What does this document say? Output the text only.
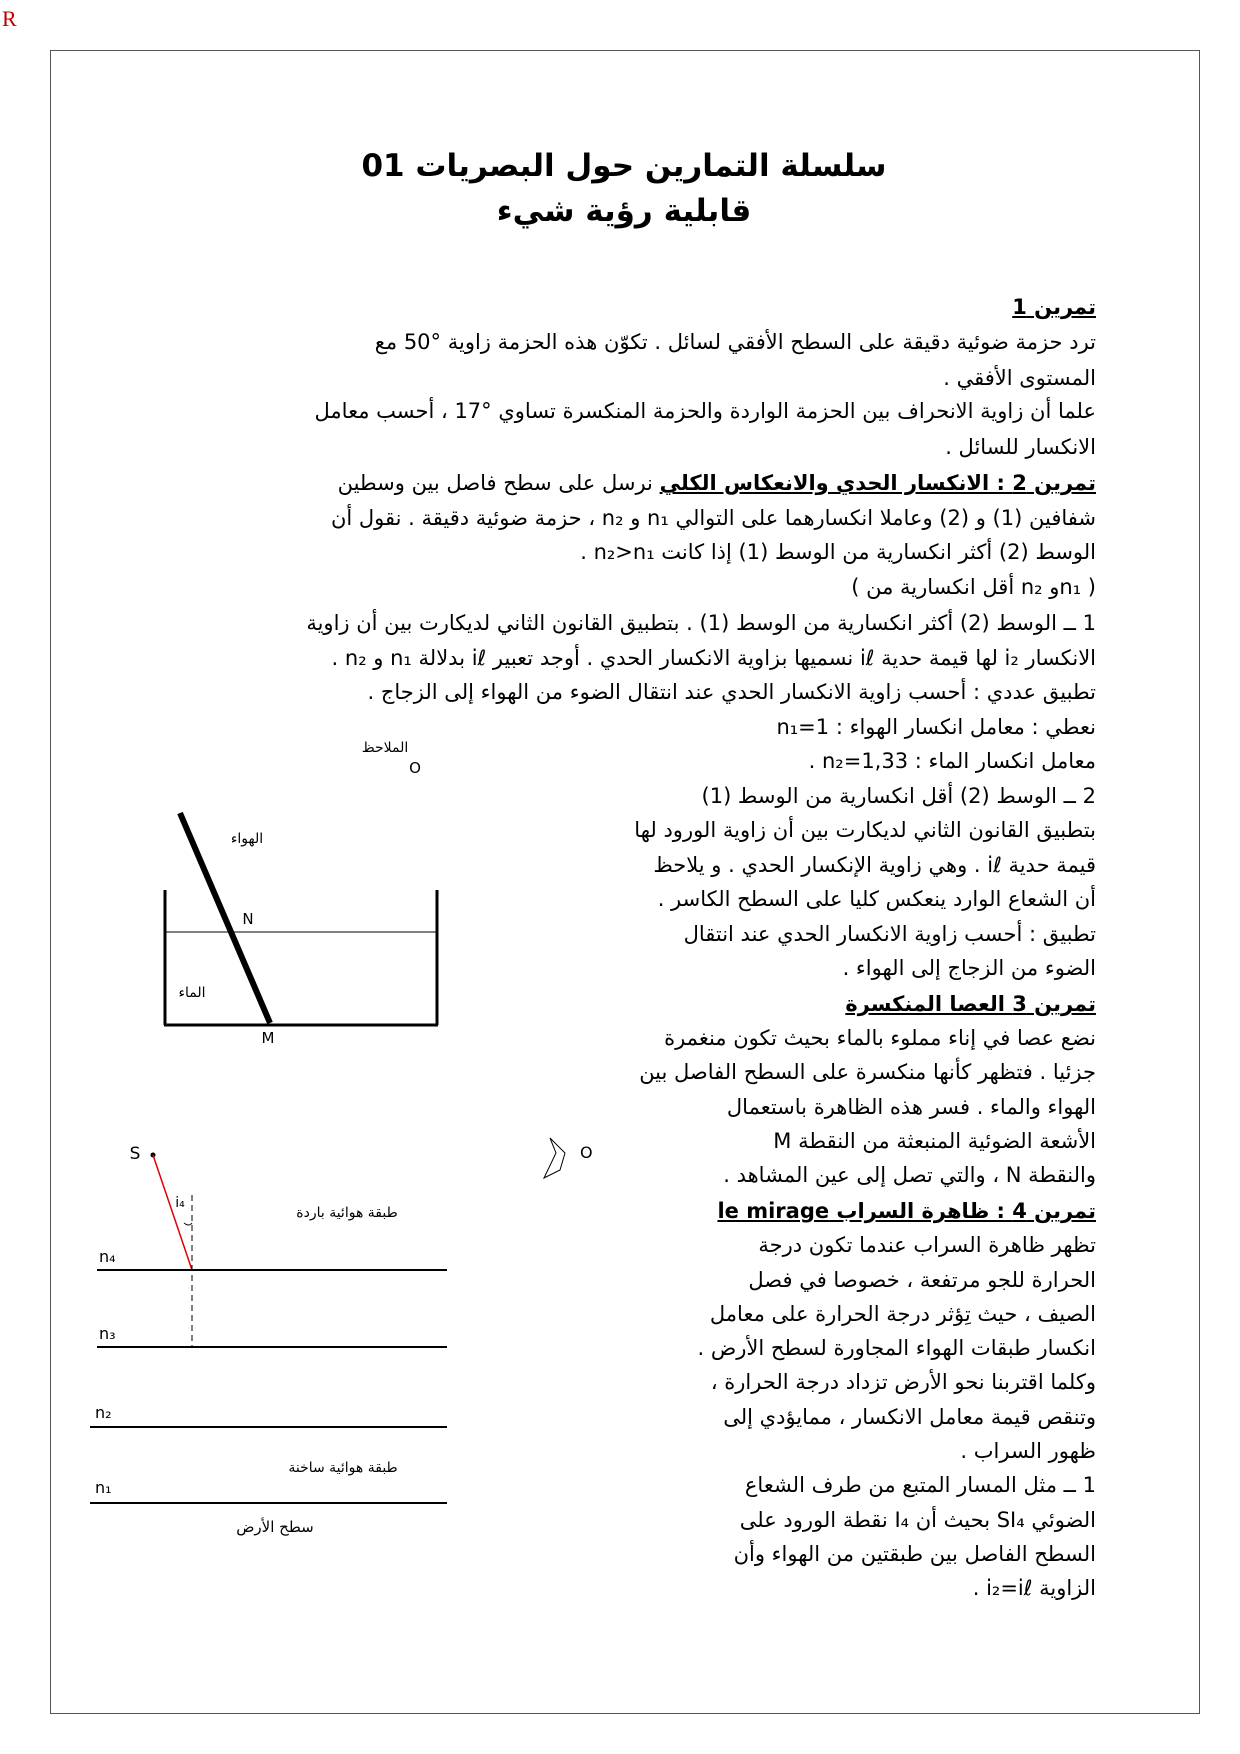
R
سلسلة التمارين حول البصريات 01
قابلية رؤية شيء
تمرين 1
ترد حزمة ضوئية دقيقة على السطح الأفقي لسائل . تكوّن هذه الحزمة زاوية °50 مع
المستوى الأفقي .
علما أن زاوية الانحراف بين الحزمة الواردة والحزمة المنكسرة تساوي °17 ، أحسب معامل
الانكسار للسائل .
تمرين 2 : الانكسار الحدي والانعكاس الكلي نرسل على سطح فاصل بين وسطين
شفافين (1) و (2) وعاملا انكسارهما على التوالي n₁ و n₂ ، حزمة ضوئية دقيقة . نقول أن
الوسط (2) أكثر انكسارية من الوسط (1) إذا كانت n₂>n₁ .
( n₁و n₂ أقل انكسارية من )
1 ــ الوسط (2) أكثر انكسارية من الوسط (1) . بتطبيق القانون الثاني لديكارت بين أن زاوية
الانكسار i₂ لها قيمة حدية iℓ نسميها بزاوية الانكسار الحدي . أوجد تعبير iℓ بدلالة n₁ و n₂ .
تطبيق عددي : أحسب زاوية الانكسار الحدي عند انتقال الضوء من الهواء إلى الزجاج .
نعطي : معامل انكسار الهواء : n₁=1
معامل انكسار الماء : n₂=1,33 .
2 ــ الوسط (2) أقل انكسارية من الوسط (1)
بتطبيق القانون الثاني لديكارت بين أن زاوية الورود لها
قيمة حدية iℓ . وهي زاوية الإنكسار الحدي . و يلاحظ
أن الشعاع الوارد ينعكس كليا على السطح الكاسر .
تطبيق : أحسب زاوية الانكسار الحدي عند انتقال
الضوء من الزجاج إلى الهواء .
تمرين 3 العصا المنكسرة
نضع عصا في إناء مملوء بالماء بحيث تكون منغمرة
جزئيا . فتظهر كأنها منكسرة على السطح الفاصل بين
الهواء والماء . فسر هذه الظاهرة باستعمال
الأشعة الضوئية المنبعثة من النقطة M
والنقطة N ، والتي تصل إلى عين المشاهد .
تمرين 4 : ظاهرة السراب le mirage
تظهر ظاهرة السراب عندما تكون درجة
الحرارة للجو مرتفعة ، خصوصا في فصل
الصيف ، حيث تِؤثر درجة الحرارة على معامل
انكسار طبقات الهواء المجاورة لسطح الأرض .
وكلما اقتربنا نحو الأرض تزداد درجة الحرارة ،
وتنقص قيمة معامل الانكسار ، ممايؤدي إلى
ظهور السراب .
1 ــ مثل المسار المتبع من طرف الشعاع
الضوئي SI₄ بحيث أن I₄ نقطة الورود على
السطح الفاصل بين طبقتين من الهواء وأن
الزاوية i₂=iℓ .
الملاحظ
O
الهواء
N
الماء
M
O
S
i₄
طبقة هوائية باردة
n₄
n₃
n₂
طبقة هوائية ساخنة
n₁
سطح الأرض
